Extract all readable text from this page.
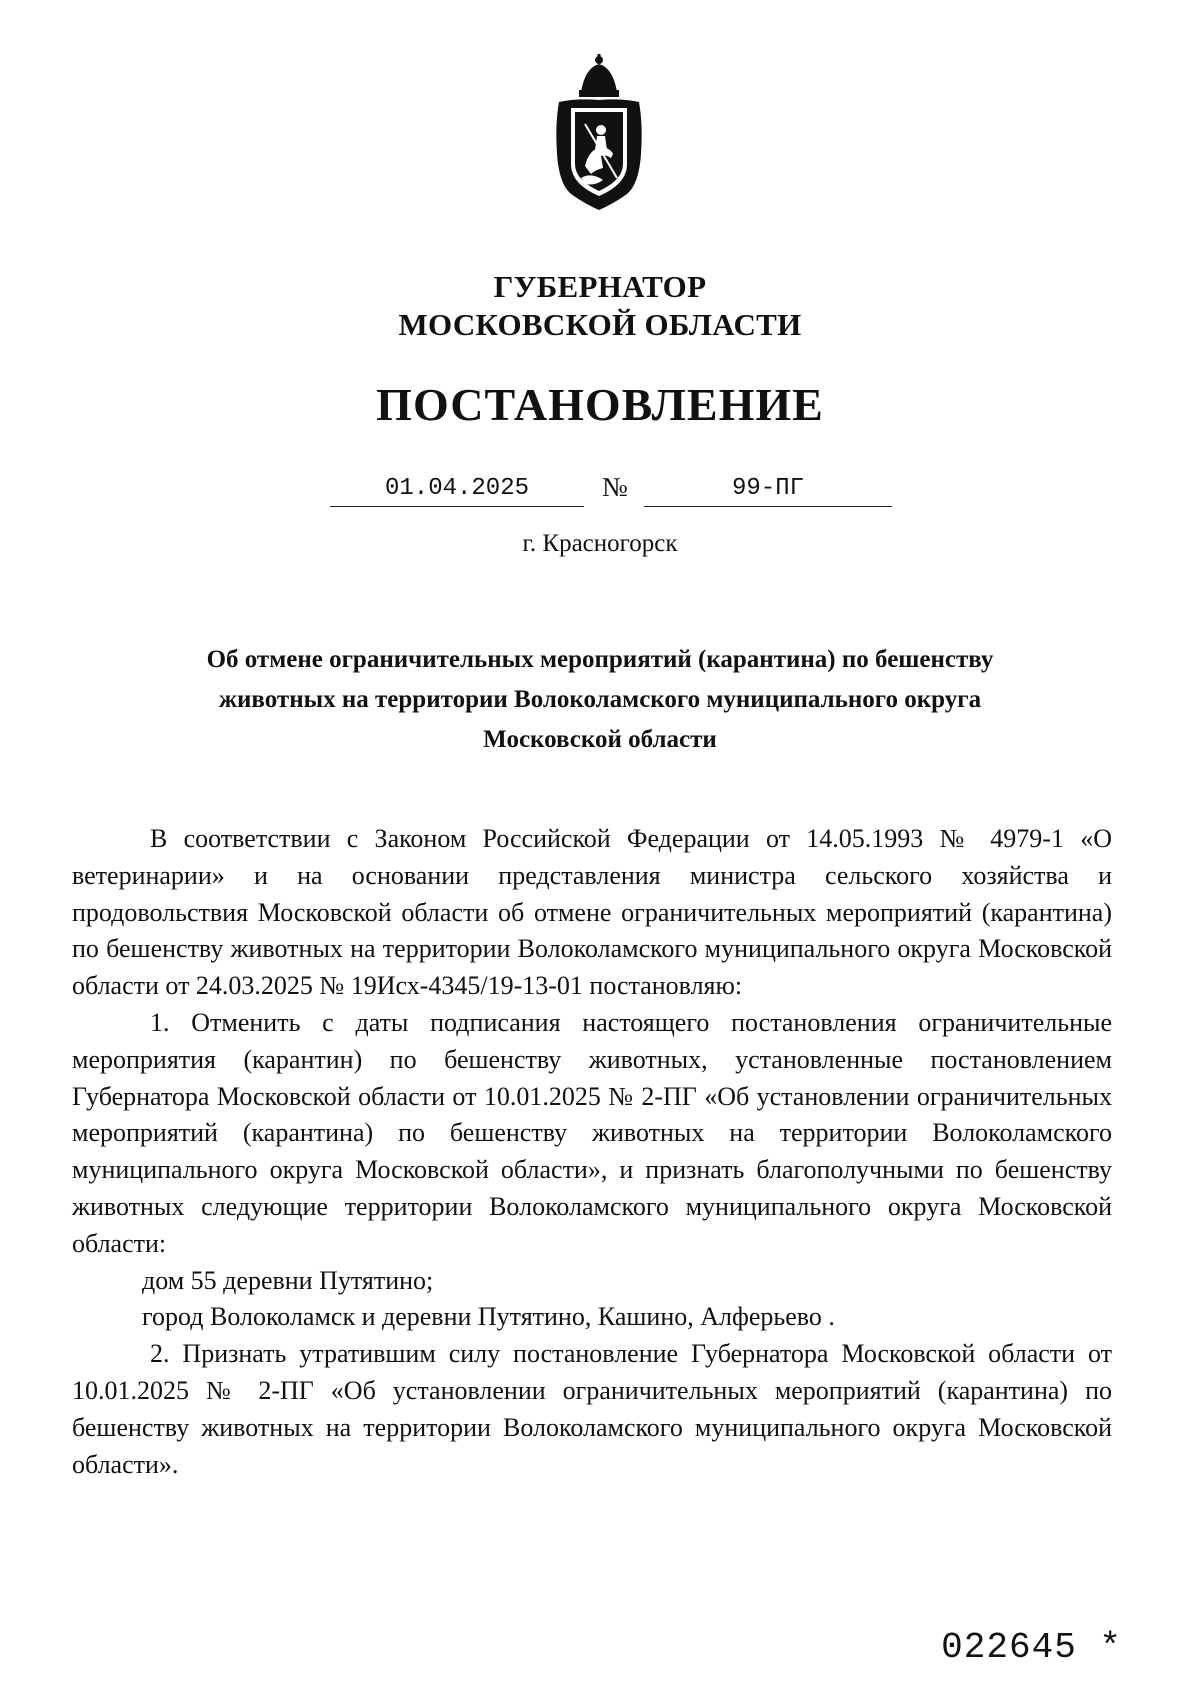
ГУБЕРНАТОР
МОСКОВСКОЙ ОБЛАСТИ
ПОСТАНОВЛЕНИЕ
01.04.2025	№	99-ПГ
г. Красногорск
Об отмене ограничительных мероприятий (карантина) по бешенству
животных на территории Волоколамского муниципального округа
Московской области

В соответствии с Законом Российской Федерации от 14.05.1993 № 4979-1 «О ветеринарии» и на основании представления министра сельского хозяйства и продовольствия Московской области об отмене ограничительных мероприятий (карантина) по бешенству животных на территории Волоколамского муниципального округа Московской области от 24.03.2025 № 19Исх-4345/19-13-01 постановляю:

1. Отменить с даты подписания настоящего постановления ограничительные мероприятия (карантин) по бешенству животных, установленные постановлением Губернатора Московской области от 10.01.2025 № 2-ПГ «Об установлении ограничительных мероприятий (карантина) по бешенству животных на территории Волоколамского муниципального округа Московской области», и признать благополучными по бешенству животных следующие территории Волоколамского муниципального округа Московской области:

дом 55 деревни Путятино;

город Волоколамск и деревни Путятино, Кашино, Алферьево .

2. Признать утратившим силу постановление Губернатора Московской области от 10.01.2025 № 2-ПГ «Об установлении ограничительных мероприятий (карантина) по бешенству животных на территории Волоколамского муниципального округа Московской области».

022645 *
